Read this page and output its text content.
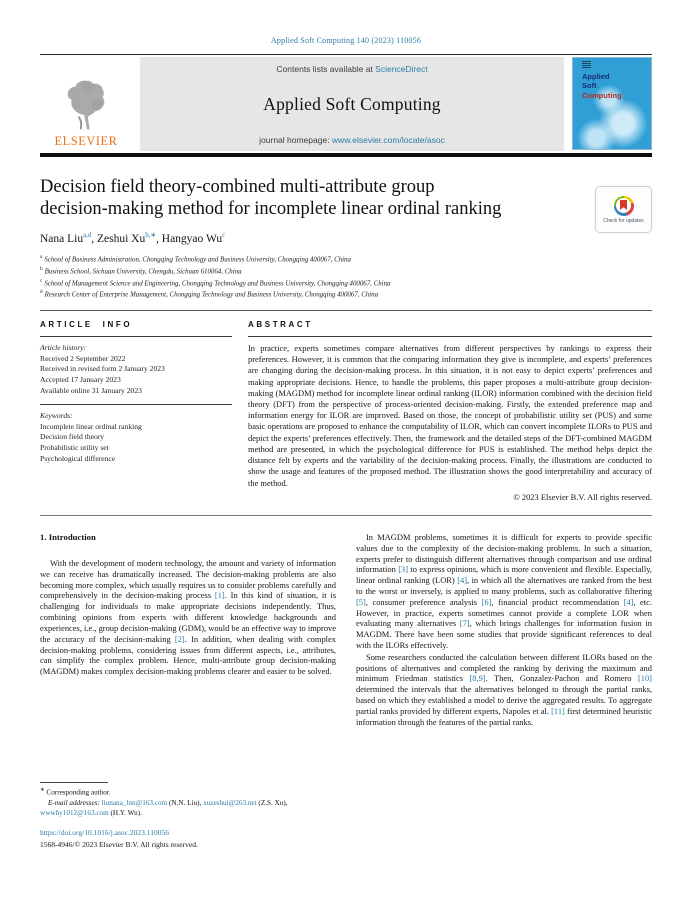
Applied Soft Computing 140 (2023) 110056
ELSEVIER
Contents lists available at ScienceDirect
Applied Soft Computing
journal homepage: www.elsevier.com/locate/asoc
Applied
Soft
Computing
Decision field theory-combined multi-attribute group
decision-making method for incomplete linear ordinal ranking
Nana Liu$^{a,d}$, Zeshui $Xu^{b,∗}$, Hangyao Wu$^c$
$^a$ School of Business Administration, Chongqing Technology and Business University, Chongqing 400067, China
$^b$ Business School, Sichuan University, Chengdu, Sichuan 610064, China
$^c$ School of Management Science and Engineering, Chongqing Technology and Business University, Chongqing 400067, China
$^d$ Research Center of Enterprise Management, Chongqing Technology and Business University, Chongqing 400067, China
ARTICLE INFO
Article history:
Received 2 September 2022
Received in revised form 2 January 2023
Accepted 17 January 2023
Available online 31 January 2023
Keywords:
Incomplete linear ordinal ranking
Decision field theory
Probabilistic utility set
Psychological difference
ABSTRACT
In practice, experts sometimes compare alternatives from different perspectives by rankings to express their preferences. However, it is common that the comparing information they give is incomplete, and experts’ preferences are changing during the decision-making process. In this situation, it is not easy to depict experts’ preferences and making appropriate decisions. Hence, to handle the problems, this paper proposes a multi-attribute group decision-making (MAGDM) method for incomplete linear ordinal ranking (ILOR) information combined with the decision field theory (DFT) from the perspective of process-oriented decision-making. Firstly, the extended preference map and information energy for ILOR are improved. Based on those, the concept of probabilistic utility set (PUS) and some basic operations are proposed to enhance the computability of ILOR, which can convert incomplete ILORs to PUS and depict the experts’ preferences effectively. Then, the framework and the detailed steps of the DFT-combined MAGDM method are presented, in which the psychological difference for PUS is established. The method helps depict the distance felt by experts and the variability of the decision-making process. Finally, the illustrations are conducted to show the usage and features of the proposed method. The illustration shows the good interpretability and accuracy of the method.
© 2023 Elsevier B.V. All rights reserved.
1. Introduction
With the development of modern technology, the amount and variety of information we can receive has dramatically increased. The decision-making problems are also becoming more complex, which usually requires us to consider problems carefully and comprehensively in the decision-making process [1]. In this kind of situation, it is challenging for individuals to make appropriate decisions independently. Thus, combining opinions from experts with different knowledge backgrounds and experiences, i.e., group decision-making (GDM), would be an effective way to improve the accuracy of the decision-making [2]. In addition, when dealing with complex decision-making problems, considering issues from different aspects, i.e., attributes, can simplify the complex problem. Hence, multi-attribute group decision-making (MAGDM) makes complex decision-making problems clearer and easier to be solved.
∗ Corresponding author.
E-mail addresses: liunana_lnn@163.com (N.N. Liu), xuzeshui@263.net (Z.S. Xu), wwwhy1012@163.com (H.Y. Wu).
https://doi.org/10.1016/j.asoc.2023.110056
1568-4946/© 2023 Elsevier B.V. All rights reserved.
In MAGDM problems, sometimes it is difficult for experts to provide specific values due to the complexity of the decision-making problems. In such a situation, experts prefer to distinguish different alternatives through comparison and use ordinal information [3] to express opinions, which is more convenient and flexible. Especially, linear ordinal ranking (LOR) [4], in which all the alternatives are ranked from the best to the worst or inversely, is applied to many problems, such as collaborative filtering [5], consumer preference analysis [6], financial product recommendation [4], etc. However, in practice, experts sometimes cannot provide a complete LOR when evaluating many alternatives [7], which brings challenges for information fusion in MAGDM. There have been some studies that provide significant references to deal with the ILORs effectively.
Some researchers conducted the calculation between different ILORs based on the positions of alternatives and completed the ranking by deriving the maximum and minimum Friedman statistics [8,9]. Then, Gonzalez-Pachon and Romero [10] determined the intervals that the alternatives belonged to through the partial ranks, based on which they established a model to derive the aggregated results. To aggregate partial ranks provided by different experts, Napoles et al. [11] first determined heuristic information through the features of the partial ranks.
Check for updates
